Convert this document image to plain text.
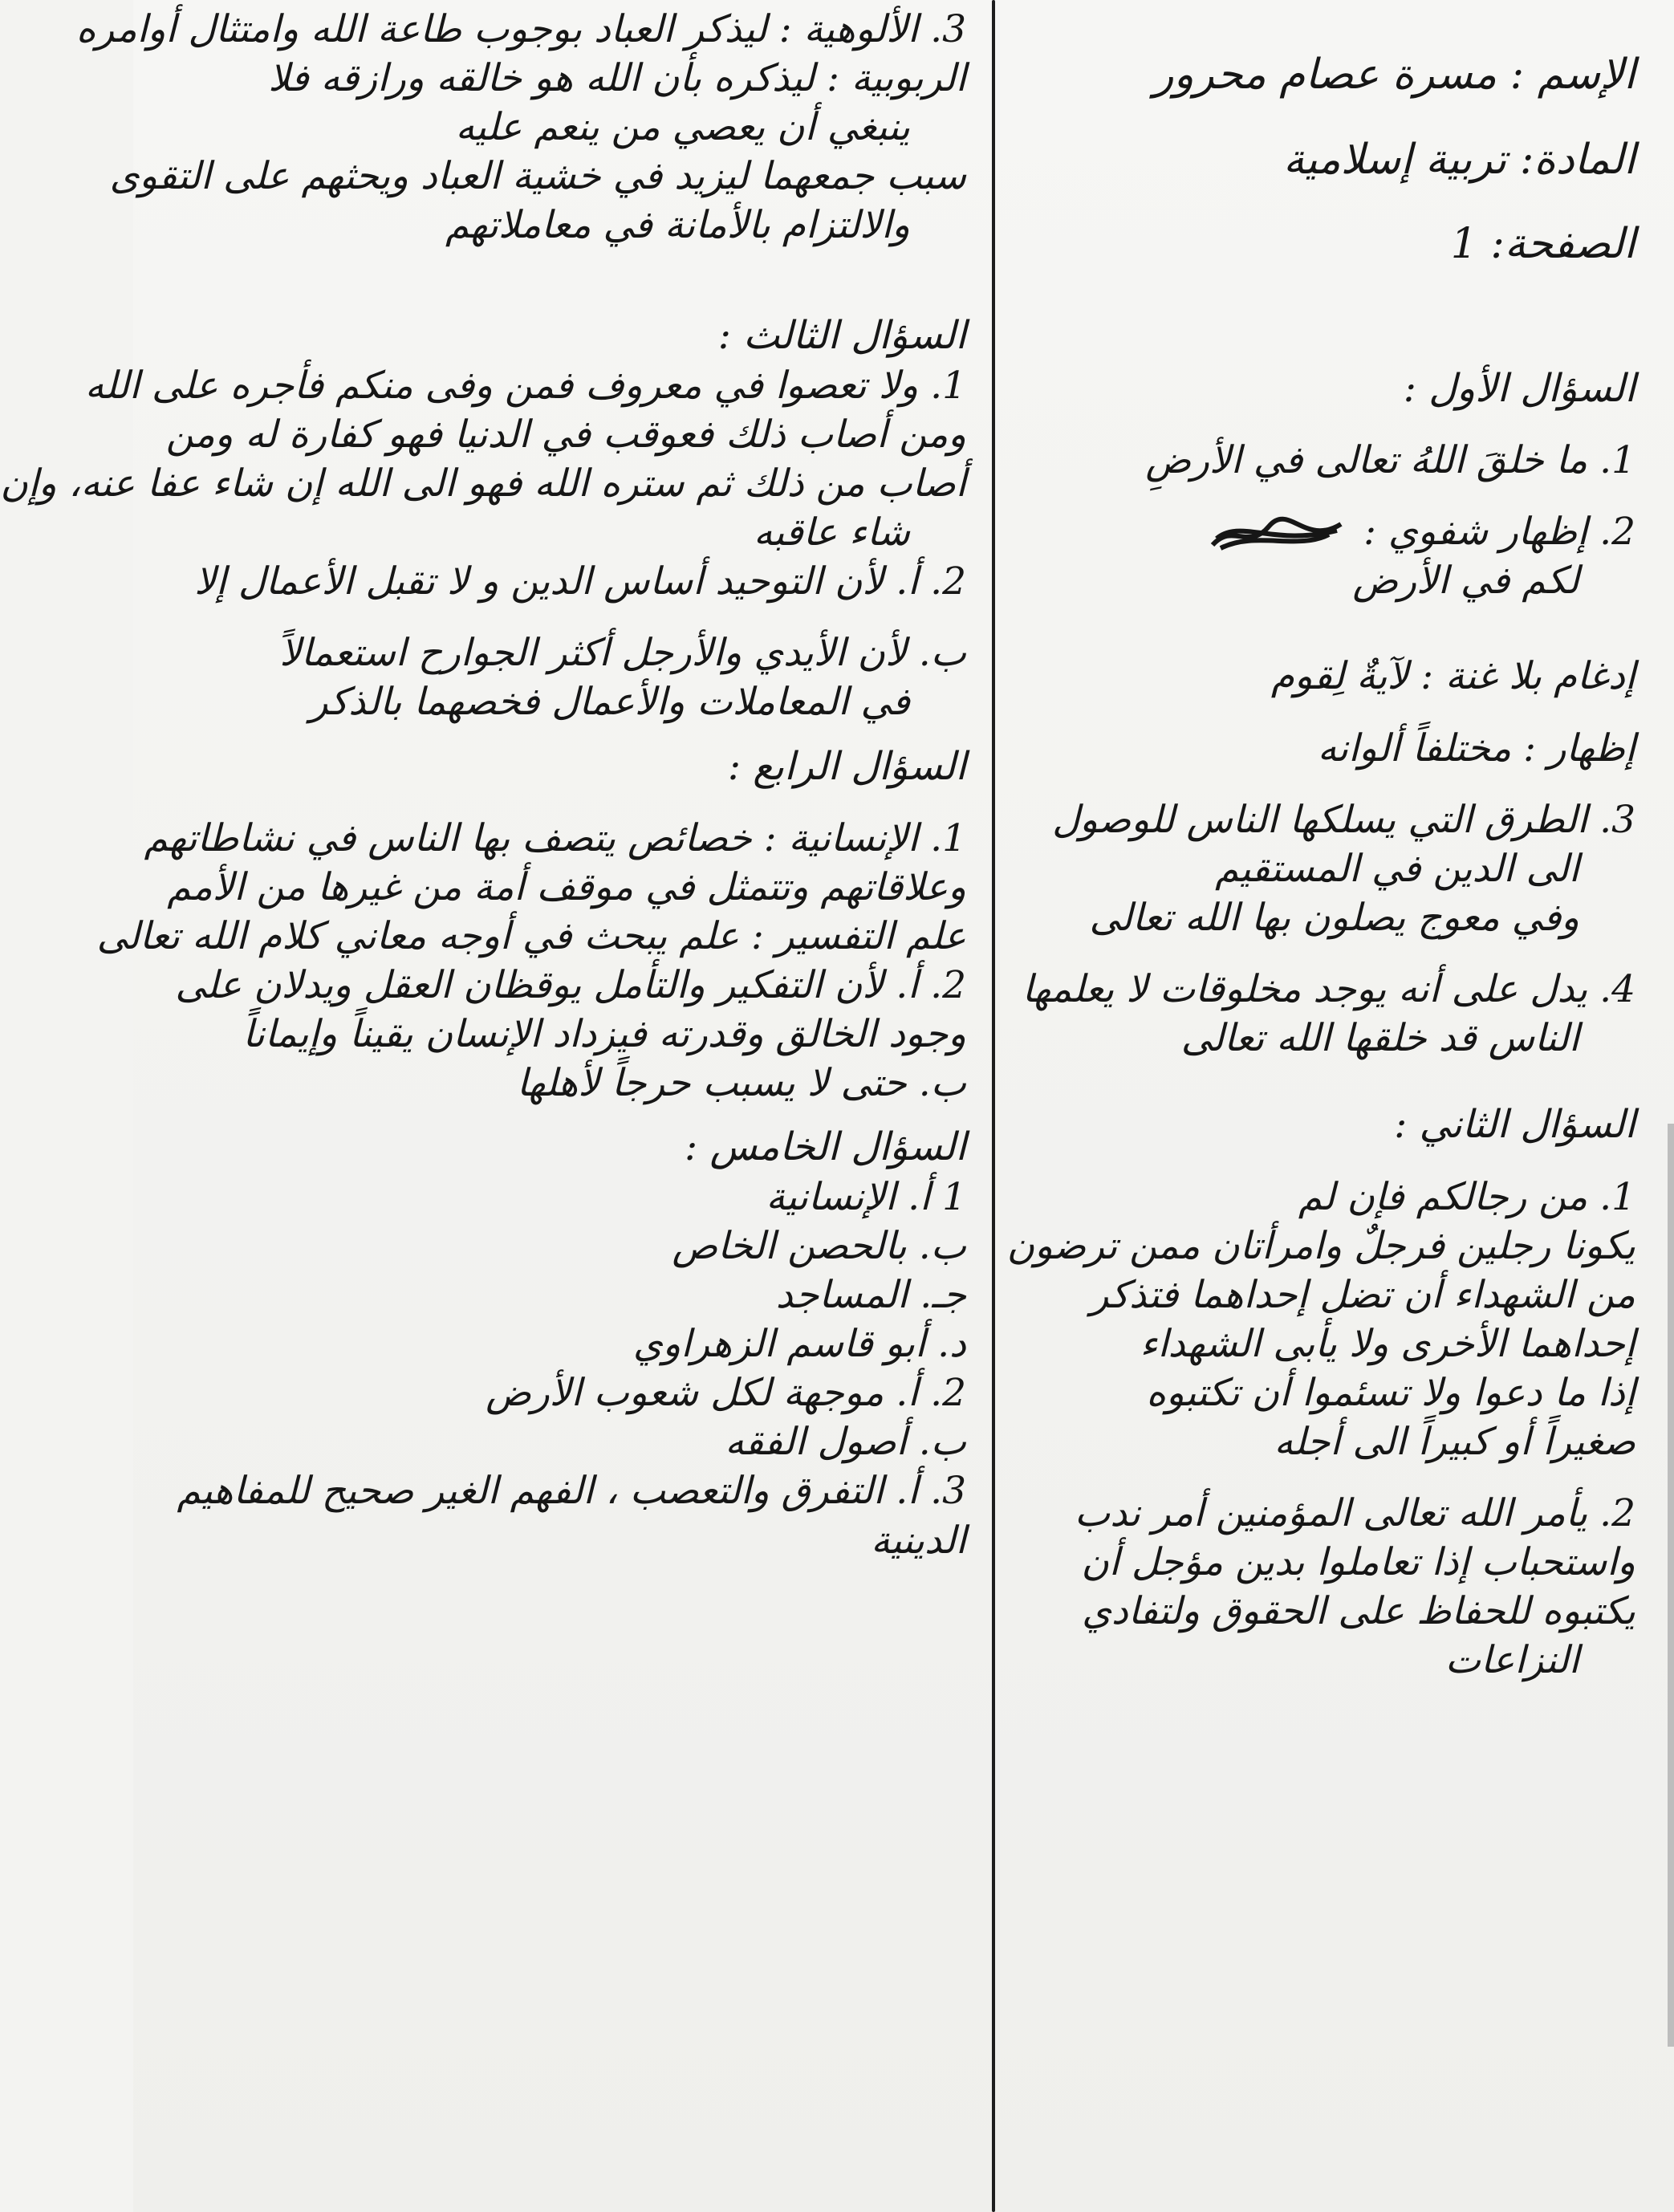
الإسم : مسرة عصام محرور
المادة: تربية إسلامية
الصفحة: 1
السؤال الأول :
1. ما خلقَ اللهُ تعالى في الأرضِ
2. إظهار شفوي :
لكم في الأرض
إدغام بلا غنة : لآيةٌ لِقوم
إظهار : مختلفاً ألوانه
3. الطرق التي يسلكها الناس للوصول
الى الدين في المستقيم
وفي معوج يصلون بها الله تعالى
4. يدل على أنه يوجد مخلوقات لا يعلمها
الناس قد خلقها الله تعالى
السؤال الثاني :
1. من رجالكم فإن لم
يكونا رجلين فرجلٌ وامرأتان ممن ترضون
من الشهداء أن تضل إحداهما فتذكر
إحداهما الأخرى ولا يأبى الشهداء
إذا ما دعوا ولا تسئموا أن تكتبوه
صغيراً أو كبيراً الى أجله
2. يأمر الله تعالى المؤمنين أمر ندب
واستحباب إذا تعاملوا بدين مؤجل أن
يكتبوه للحفاظ على الحقوق ولتفادي
النزاعات
3. الألوهية : ليذكر العباد بوجوب طاعة الله وامتثال أوامره
الربوبية : ليذكره بأن الله هو خالقه ورازقه فلا
ينبغي أن يعصي من ينعم عليه
سبب جمعهما ليزيد في خشية العباد ويحثهم على التقوى
والالتزام بالأمانة في معاملاتهم
السؤال الثالث :
1. ولا تعصوا في معروف فمن وفى منكم فأجره على الله
ومن أصاب ذلك فعوقب في الدنيا فهو كفارة له ومن
أصاب من ذلك ثم ستره الله فهو الى الله إن شاء عفا عنه، وإن
شاء عاقبه
2. أ. لأن التوحيد أساس الدين و لا تقبل الأعمال إلا
ب. لأن الأيدي والأرجل أكثر الجوارح استعمالاً
في المعاملات والأعمال فخصهما بالذكر
السؤال الرابع :
1. الإنسانية : خصائص يتصف بها الناس في نشاطاتهم
وعلاقاتهم وتتمثل في موقف أمة من غيرها من الأمم
علم التفسير : علم يبحث في أوجه معاني كلام الله تعالى
2. أ. لأن التفكير والتأمل يوقظان العقل ويدلان على
وجود الخالق وقدرته فيزداد الإنسان يقيناً وإيماناً
ب. حتى لا يسبب حرجاً لأهلها
السؤال الخامس :
1 أ. الإنسانية
ب. بالحصن الخاص
جـ. المساجد
د. أبو قاسم الزهراوي
2. أ. موجهة لكل شعوب الأرض
ب. أصول الفقه
3. أ. التفرق والتعصب ، الفهم الغير صحيح للمفاهيم
الدينية
